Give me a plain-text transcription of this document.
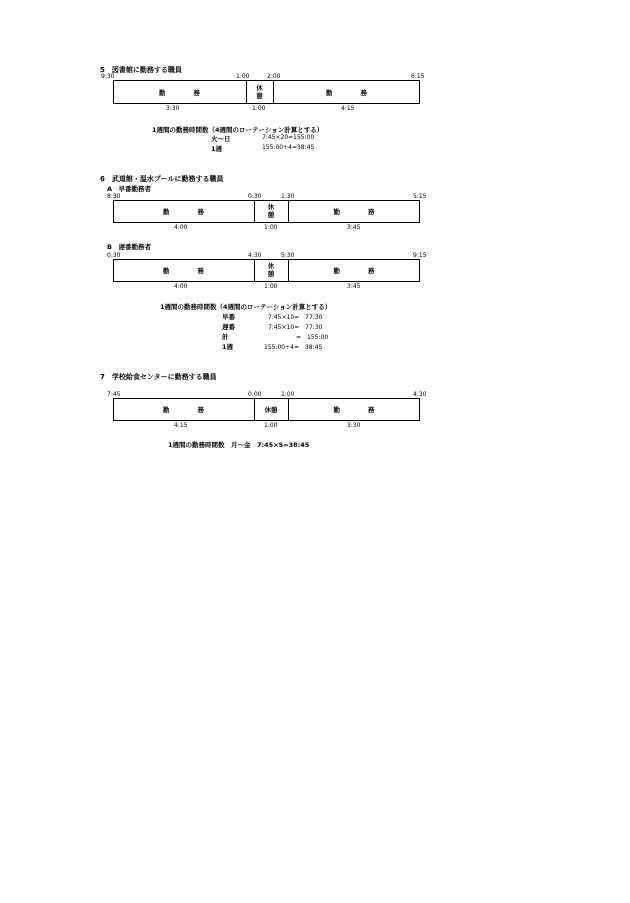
5　図書館に勤務する職員
9:30	1:00	2:00	6:15
勤	務
休
憩	勤	務
3:30	1:00	4:15
1週間の勤務時間数（4週間のローテーション計算とする）
火～日	7:45×20=155:00
1週	155:00÷4=38:45
6　武道館・温水プールに勤務する職員
A　早番勤務者
8:30	0:30	1:30	5:15
勤	務
休
憩	勤	務
4:00	1:00	3:45
B　遅番勤務者
0:30	4:30	5:30	9:15
勤	務
休
憩	勤	務
4:00	1:00	3:45
1週間の勤務時間数（4週間のローテーション計算とする）
早番	7:45×10=　77:30
遅番	7:45×10=　77:30
計	=　155:00
1週	155:00÷4=　38:45
7　学校給食センターに勤務する職員
7:45	0:00	1:00	4:30
勤	務	休憩	勤	務
4:15	1:00	3:30
1週間の勤務時間数　月～金　7:45×5=38:45
